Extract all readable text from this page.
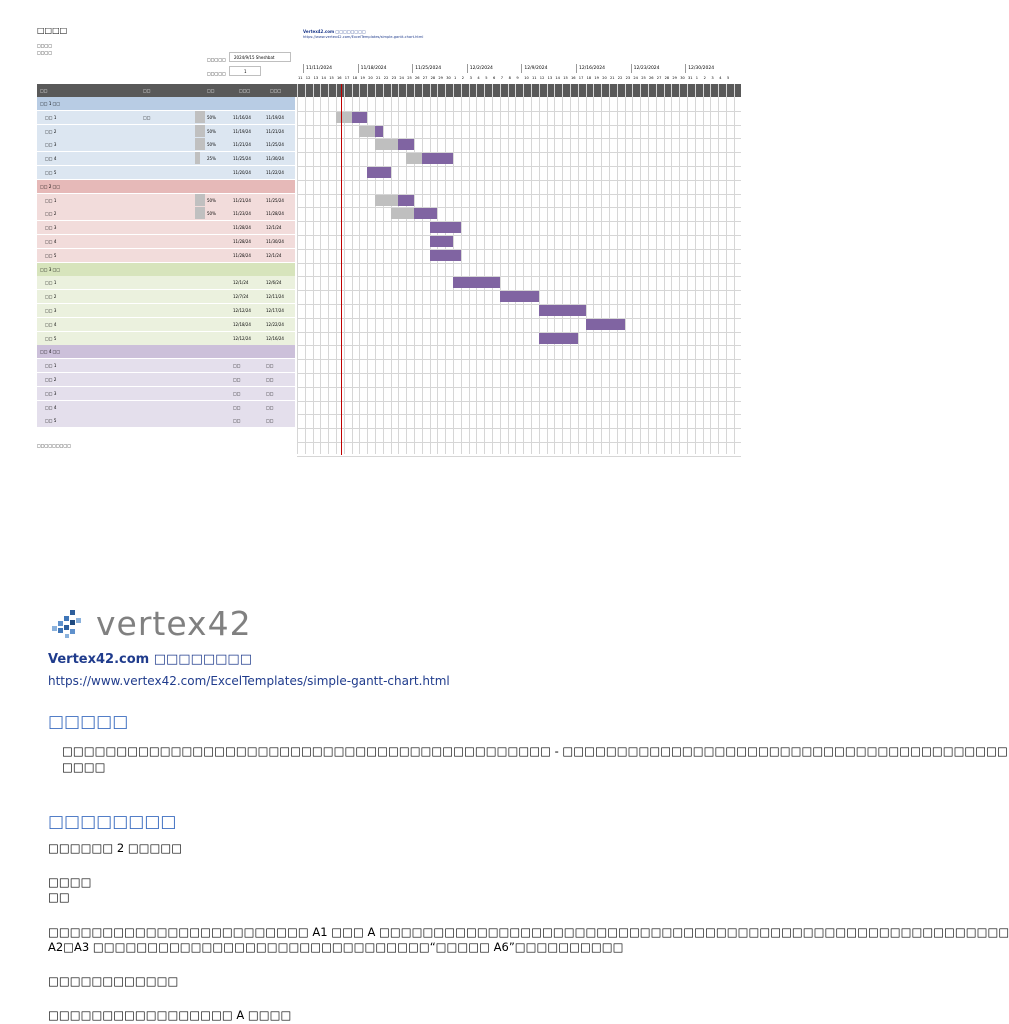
□□□□
□□□□
□□□□
Vertex42.com □□□□□□□□
https://www.vertex42.com/ExcelTemplates/simple-gantt-chart.html
□□□□□	2024/9/15 Sheshbat
□□□□□	1
□□	□□	□□	□□□	□□□
11/11/2024	11/18/2024	11/25/2024	12/2/2024	12/9/2024	12/16/2024	12/23/2024	12/30/2024
11 12 13 14 15 16 17 18 19 20 21 22 23 24 25 26 27 28 29 30 1 2 3 4 5 6 7 8 9 10 11 12 13 14 15 16 17 18 19 20 21 22 23 24 25 26 27 28 29 30 31 1 2 3 4 5
□□ 1 □□
□□ 1	□□	50%	11/16/24	11/19/24
□□ 2	50%	11/19/24	11/21/24
□□ 3	50%	11/21/24	11/25/24
□□ 4	25%	11/25/24	11/30/24
□□ 5	11/20/24	11/22/24
□□ 2 □□
□□ 1	50%	11/21/24	11/25/24
□□ 2	50%	11/23/24	11/28/24
□□ 3	11/28/24	12/1/24
□□ 4	11/28/24	11/30/24
□□ 5	11/28/24	12/1/24
□□ 3 □□
□□ 1	12/1/24	12/6/24
□□ 2	12/7/24	12/11/24
□□ 3	12/12/24	12/17/24
□□ 4	12/18/24	12/22/24
□□ 5	12/12/24	12/16/24
□□ 4 □□
□□ 1	□□	□□
□□ 2	□□	□□
□□ 3	□□	□□
□□ 4	□□	□□
□□ 5	□□	□□
□□□□□□□□□
vertex42
Vertex42.com □□□□□□□□
https://www.vertex42.com/ExcelTemplates/simple-gantt-chart.html
□□□□□
□□□□□□□□□□□□□□□□□□□□□□□□□□□□□□□□□□□□□□□□□□□□□ - □□□□□□□□□□□□□□□□□□□□□□□□□□□□□□□□□□□□□□□□□
□□□□
□□□□□□□□
□□□□□□ 2 □□□□□
□□□□
□□
□□□□□□□□□□□□□□□□□□□□□□□□ A1 □□□ A □□□□□□□□□□□□□□□□□□□□□□□□□□□□□□□□□□□□□□□□□□□□□□□□□□□□□□□□□□
A2□A3 □□□□□□□□□□□□□□□□□□□□□□□□□□□□□□□“□□□□□ A6”□□□□□□□□□□
□□□□□□□□□□□□
□□□□□□□□□□□□□□□□□ A □□□□
